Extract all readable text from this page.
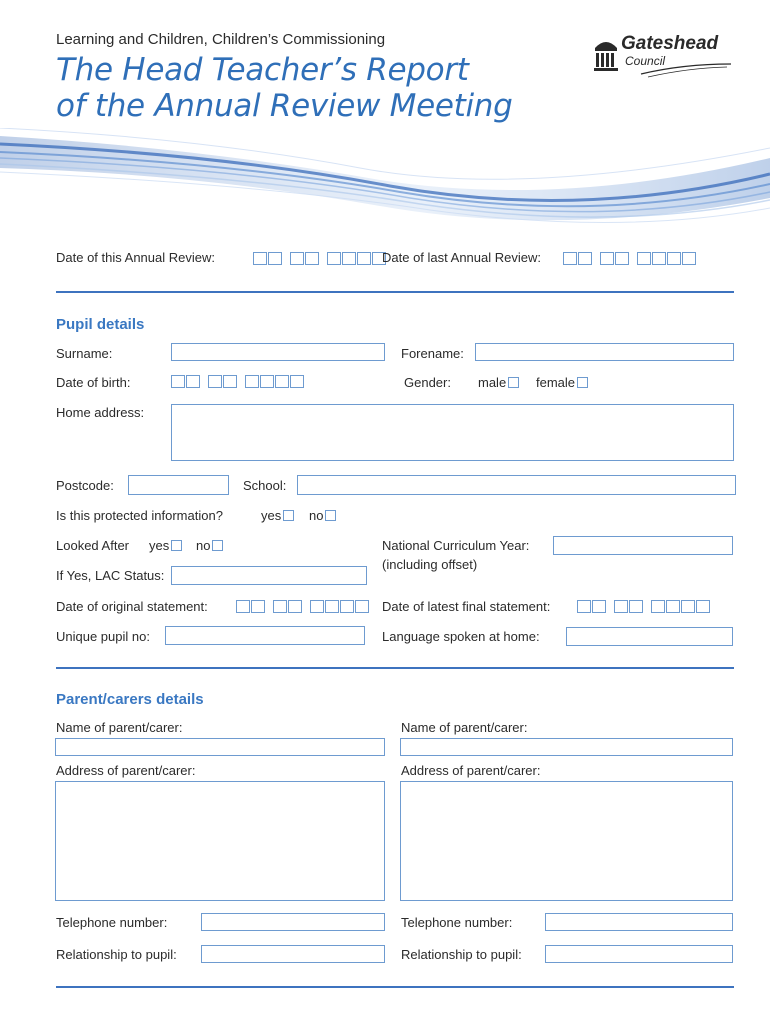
Learning and Children, Children’s Commissioning
The Head Teacher’s Report
of the Annual Review Meeting
Gateshead
Council
Date of this Annual Review:	Date of last Annual Review:
Pupil details
Surname:	Forename:
Date of birth:	Gender: male	female
Home address:
Postcode:	School:
Is this protected information?	yes	no
Looked After yes	no	National Curriculum Year:
(including offset)
If Yes, LAC Status:
Date of original statement:	Date of latest final statement:
Unique pupil no:	Language spoken at home:
Parent/carers details
Name of parent/carer:	Name of parent/carer:
Address of parent/carer:	Address of parent/carer:
Telephone number:	Telephone number:
Relationship to pupil:	Relationship to pupil:
